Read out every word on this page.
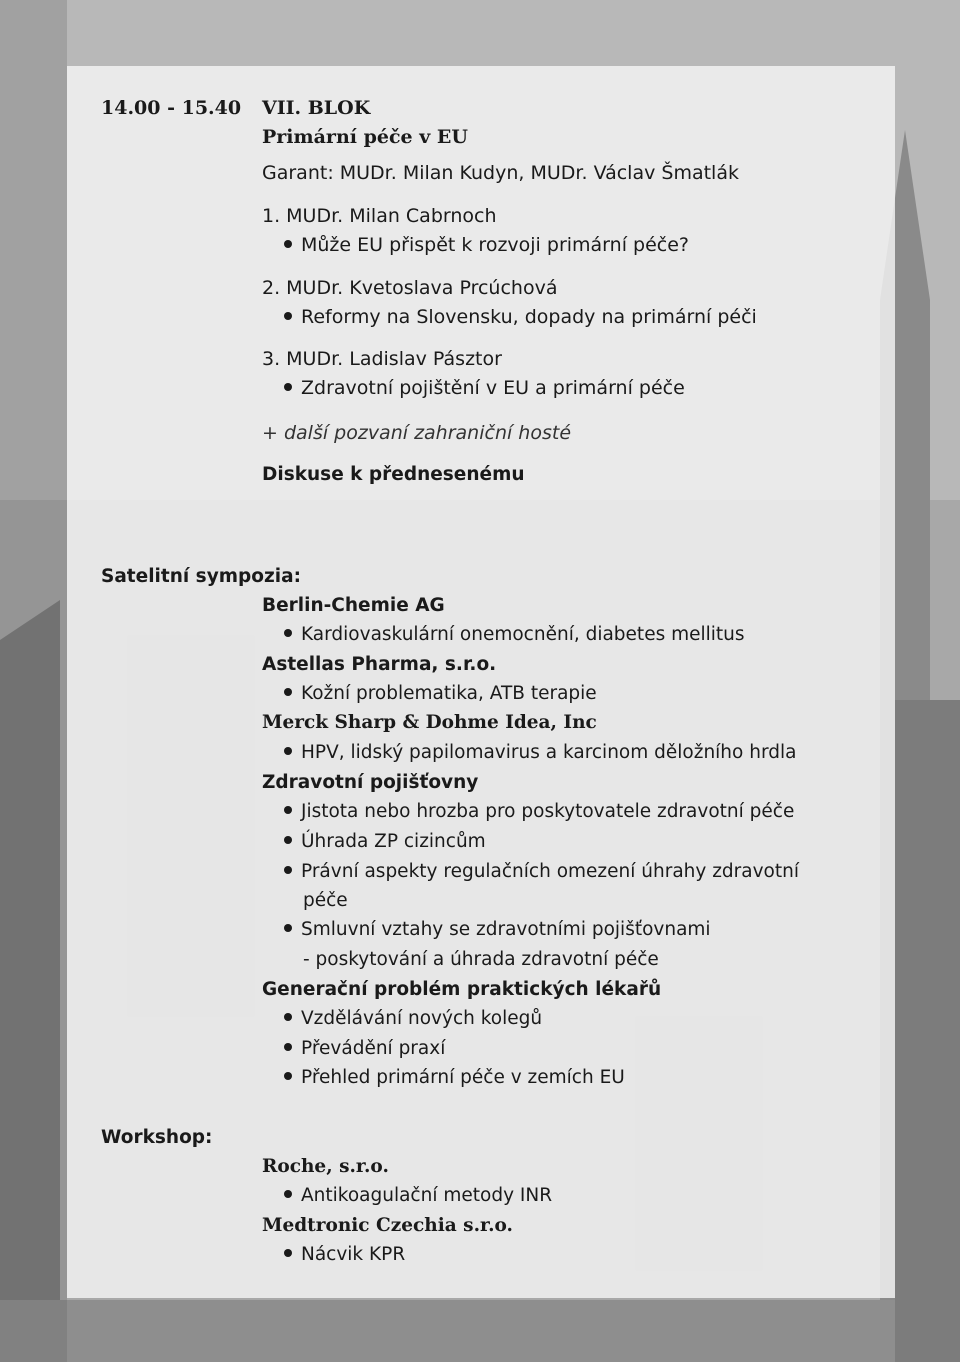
14.00 - 15.40 VII. BLOK
Primární péče v EU
Garant: MUDr. Milan Kudyn, MUDr. Václav Šmatlák
1. MUDr. Milan Cabrnoch
Může EU přispět k rozvoji primární péče?
2. MUDr. Kvetoslava Prcúchová
Reformy na Slovensku, dopady na primární péči
3. MUDr. Ladislav Pásztor
Zdravotní pojištění v EU a primární péče
+ další pozvaní zahraniční hosté
Diskuse k přednesenému
Satelitní sympozia:
Berlin-Chemie AG
Kardiovaskulární onemocnění, diabetes mellitus
Astellas Pharma, s.r.o.
Kožní problematika, ATB terapie
Merck Sharp & Dohme Idea, Inc
HPV, lidský papilomavirus a karcinom děložního hrdla
Zdravotní pojišťovny
Jistota nebo hrozba pro poskytovatele zdravotní péče
Úhrada ZP cizincům
Právní aspekty regulačních omezení úhrahy zdravotní
péče
Smluvní vztahy se zdravotními pojišťovnami
- poskytování a úhrada zdravotní péče
Generační problém praktických lékařů
Vzdělávání nových kolegů
Převádění praxí
Přehled primární péče v zemích EU
Workshop:
Roche, s.r.o.
Antikoagulační metody INR
Medtronic Czechia s.r.o.
Nácvik KPR
